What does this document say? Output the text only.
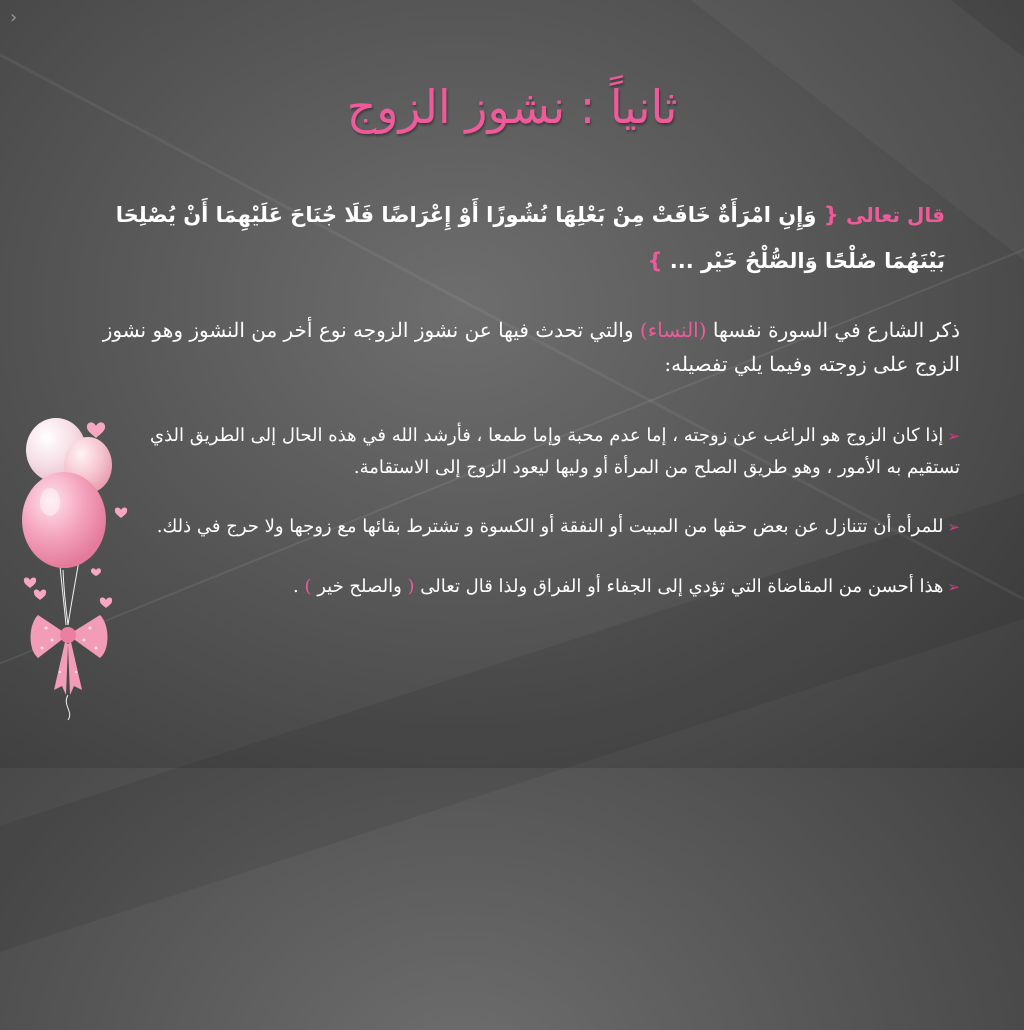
›
ثانياً : نشوز الزوج
قال تعالى { وَإِنِ امْرَأَةٌ خَافَتْ مِنْ بَعْلِهَا نُشُوزًا أَوْ إِعْرَاضًا فَلَا جُنَاحَ عَلَيْهِمَا أَنْ يُصْلِحَا بَيْنَهُمَا صُلْحًا وَالصُّلْحُ خَيْر ... }
ذكر الشارع في السورة نفسها (النساء) والتي تحدث فيها عن نشوز الزوجه نوع أخر من النشوز وهو نشوز الزوج على زوجته وفيما يلي تفصيله:
➢إذا كان الزوج هو الراغب عن زوجته ، إما عدم محبة وإما طمعا ، فأرشد الله في هذه الحال إلى الطريق الذي تستقيم به الأمور ، وهو طريق الصلح من المرأة أو وليها ليعود الزوج إلى الاستقامة.
➢للمرأه أن تتنازل عن بعض حقها من المبيت أو النفقة أو الكسوة و تشترط بقائها مع زوجها ولا حرج في ذلك.
➢هذا أحسن من المقاضاة التي تؤدي إلى الجفاء أو الفراق ولذا قال تعالى ( والصلح خير ) .
